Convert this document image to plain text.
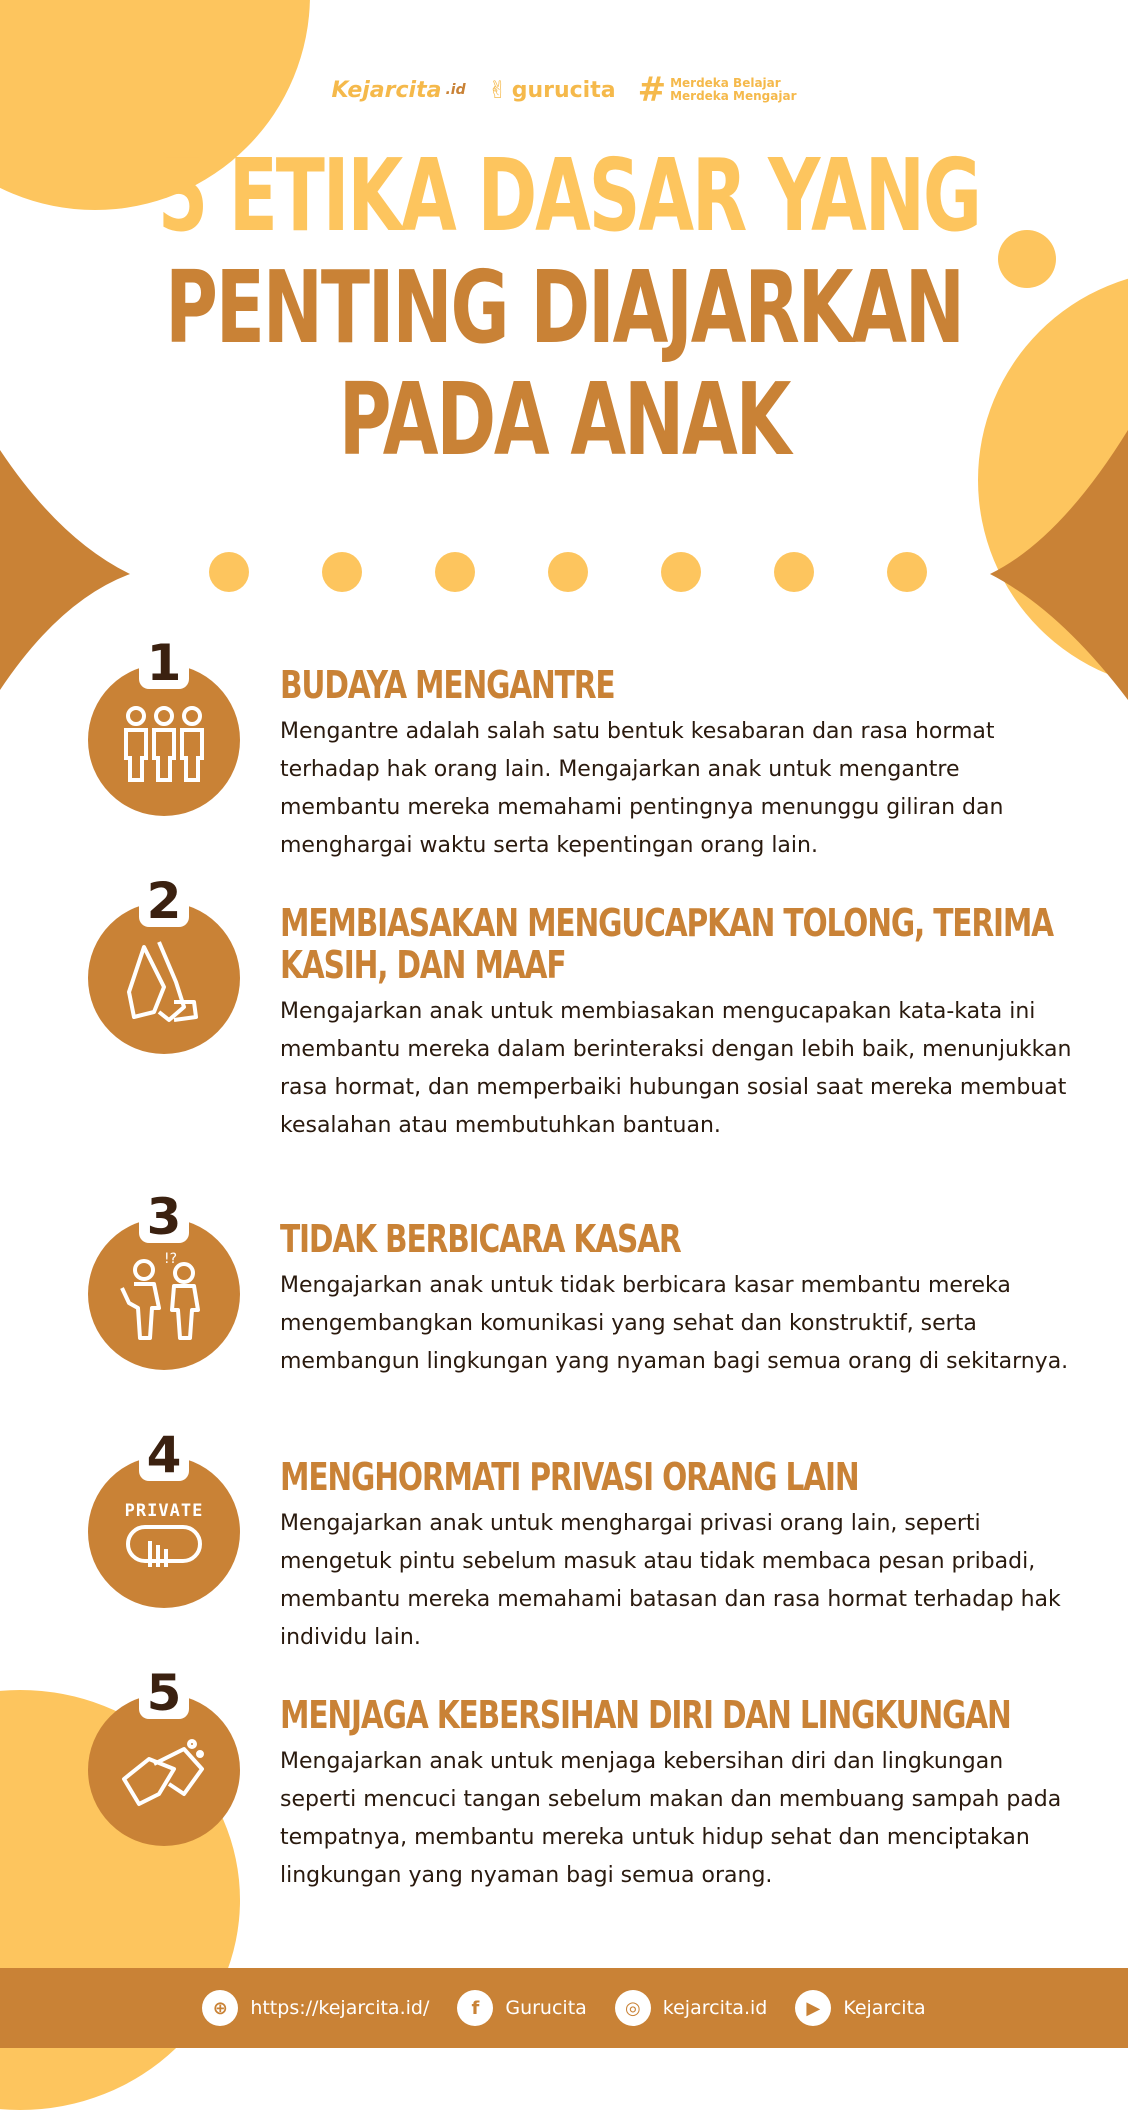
Kejarcita .id ✌ gurucita # Merdeka Belajar
Merdeka Mengajar
5 ETIKA DASAR YANG
PENTING DIAJARKAN
PADA ANAK
1	BUDAYA MENGANTRE
Mengantre adalah salah satu bentuk kesabaran dan rasa hormat terhadap hak orang lain. Mengajarkan anak untuk mengantre membantu mereka memahami pentingnya menunggu giliran dan menghargai waktu serta kepentingan orang lain.
2	MEMBIASAKAN MENGUCAPKAN TOLONG, TERIMA KASIH, DAN MAAF
Mengajarkan anak untuk membiasakan mengucapakan kata-kata ini membantu mereka dalam berinteraksi dengan lebih baik, menunjukkan rasa hormat, dan memperbaiki hubungan sosial saat mereka membuat kesalahan atau membutuhkan bantuan.
3
!?	TIDAK BERBICARA KASAR
Mengajarkan anak untuk tidak berbicara kasar membantu mereka mengembangkan komunikasi yang sehat dan konstruktif, serta membangun lingkungan yang nyaman bagi semua orang di sekitarnya.
4
PRIVATE
MENGHORMATI PRIVASI ORANG LAIN
Mengajarkan anak untuk menghargai privasi orang lain, seperti mengetuk pintu sebelum masuk atau tidak membaca pesan pribadi, membantu mereka memahami batasan dan rasa hormat terhadap hak individu lain.
5	MENJAGA KEBERSIHAN DIRI DAN LINGKUNGAN
Mengajarkan anak untuk menjaga kebersihan diri dan lingkungan seperti mencuci tangan sebelum makan dan membuang sampah pada tempatnya, membantu mereka untuk hidup sehat dan menciptakan lingkungan yang nyaman bagi semua orang.
⊕	https://kejarcita.id/	f	Gurucita	◎	kejarcita.id	▶	Kejarcita
